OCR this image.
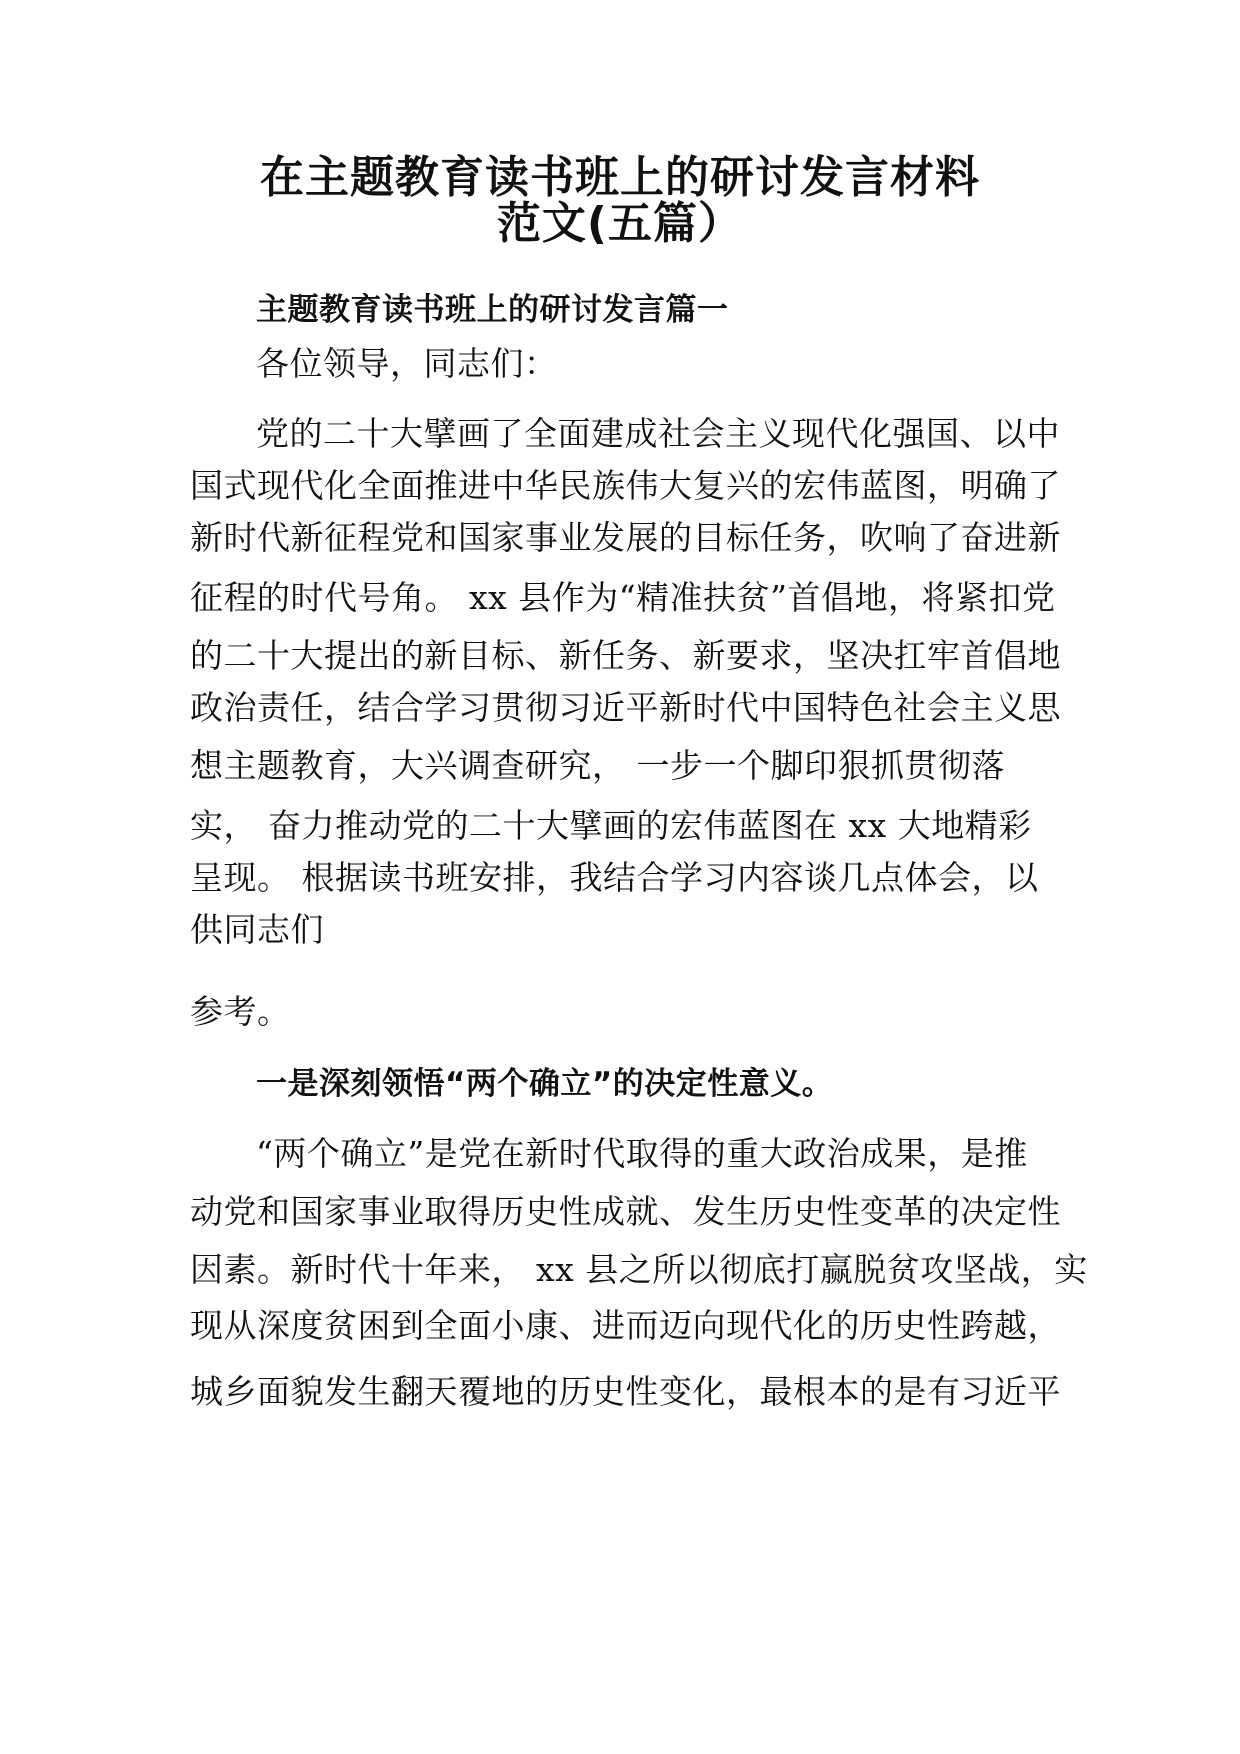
在主题教育读书班上的研讨发言材料
范文(五篇）
主题教育读书班上的研讨发言篇一
各位领导，同志们：
党的二十大擘画了全面建成社会主义现代化强国、以中
国式现代化全面推进中华民族伟大复兴的宏伟蓝图，明确了
新时代新征程党和国家事业发展的目标任务，吹响了奋进新
征程的时代号角。 xx 县作为“精准扶贫”首倡地，将紧扣党
的二十大提出的新目标、新任务、新要求，坚决扛牢首倡地
政治责任，结合学习贯彻习近平新时代中国特色社会主义思
想主题教育，大兴调查研究， 一步一个脚印狠抓贯彻落
实， 奋力推动党的二十大擘画的宏伟蓝图在 xx 大地精彩
呈现。 根据读书班安排，我结合学习内容谈几点体会，以
供同志们
参考。
一是深刻领悟“两个确立”的决定性意义。
“两个确立”是党在新时代取得的重大政治成果，是推
动党和国家事业取得历史性成就、发生历史性变革的决定性
因素。新时代十年来， xx 县之所以彻底打赢脱贫攻坚战，实
现从深度贫困到全面小康、进而迈向现代化的历史性跨越，
城乡面貌发生翻天覆地的历史性变化，最根本的是有习近平
